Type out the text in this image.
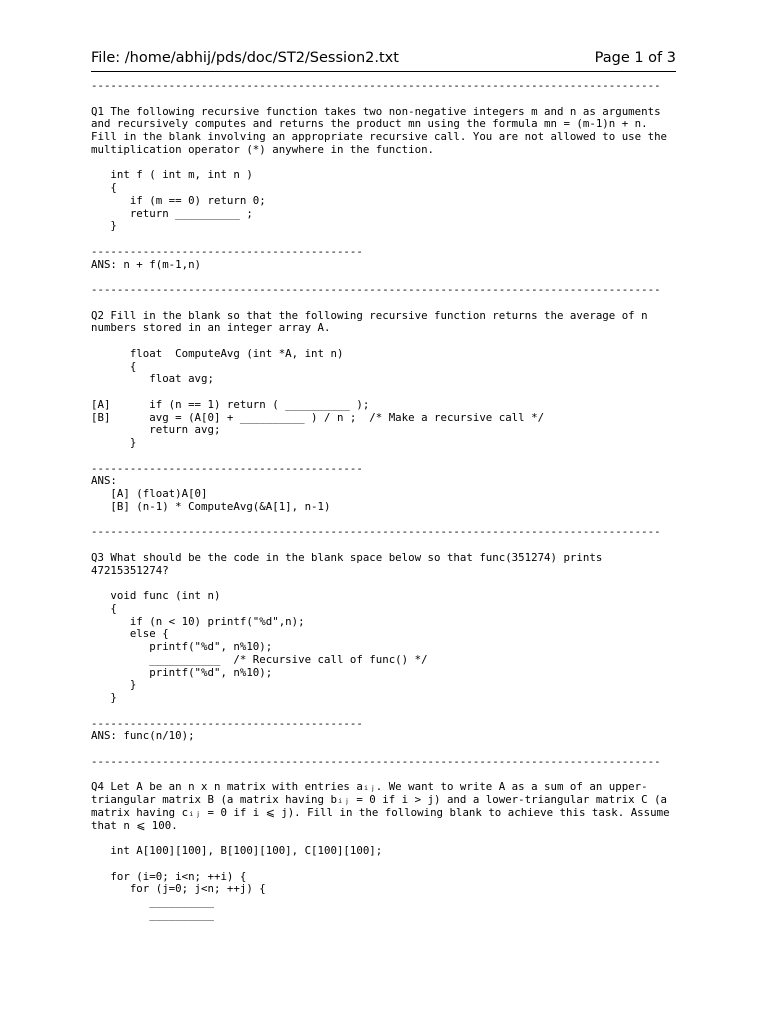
File: /home/abhij/pds/doc/ST2/Session2.txt	Page 1 of 3
----------------------------------------------------------------------------------------
Q1 The following recursive function takes two non-negative integers m and n as arguments
and recursively computes and returns the product mn using the formula mn = (m-1)n + n.
Fill in the blank involving an appropriate recursive call. You are not allowed to use the
multiplication operator (*) anywhere in the function.
int f ( int m, int n )
{
if (m == 0) return 0;
return __________ ;
}
------------------------------------------
ANS: n + f(m-1,n)
----------------------------------------------------------------------------------------
Q2 Fill in the blank so that the following recursive function returns the average of n
numbers stored in an integer array A.
float  ComputeAvg (int *A, int n)
{
float avg;
[A]      if (n == 1) return ( __________ );
[B]      avg = (A[0] + __________ ) / n ;  /* Make a recursive call */
return avg;
}
------------------------------------------
ANS:
[A] (float)A[0]
[B] (n-1) * ComputeAvg(&A[1], n-1)
----------------------------------------------------------------------------------------
Q3 What should be the code in the blank space below so that func(351274) prints
47215351274?
void func (int n)
{
if (n < 10) printf("%d",n);
else {
printf("%d", n%10);
___________  /* Recursive call of func() */
printf("%d", n%10);
}
}
------------------------------------------
ANS: func(n/10);
----------------------------------------------------------------------------------------
Q4 Let A be an n x n matrix with entries aᵢⱼ. We want to write A as a sum of an upper-
triangular matrix B (a matrix having bᵢⱼ = 0 if i > j) and a lower-triangular matrix C (a
matrix having cᵢⱼ = 0 if i ⩽ j). Fill in the following blank to achieve this task. Assume
that n ⩽ 100.
int A[100][100], B[100][100], C[100][100];
for (i=0; i<n; ++i) {
for (j=0; j<n; ++j) {
__________
__________
